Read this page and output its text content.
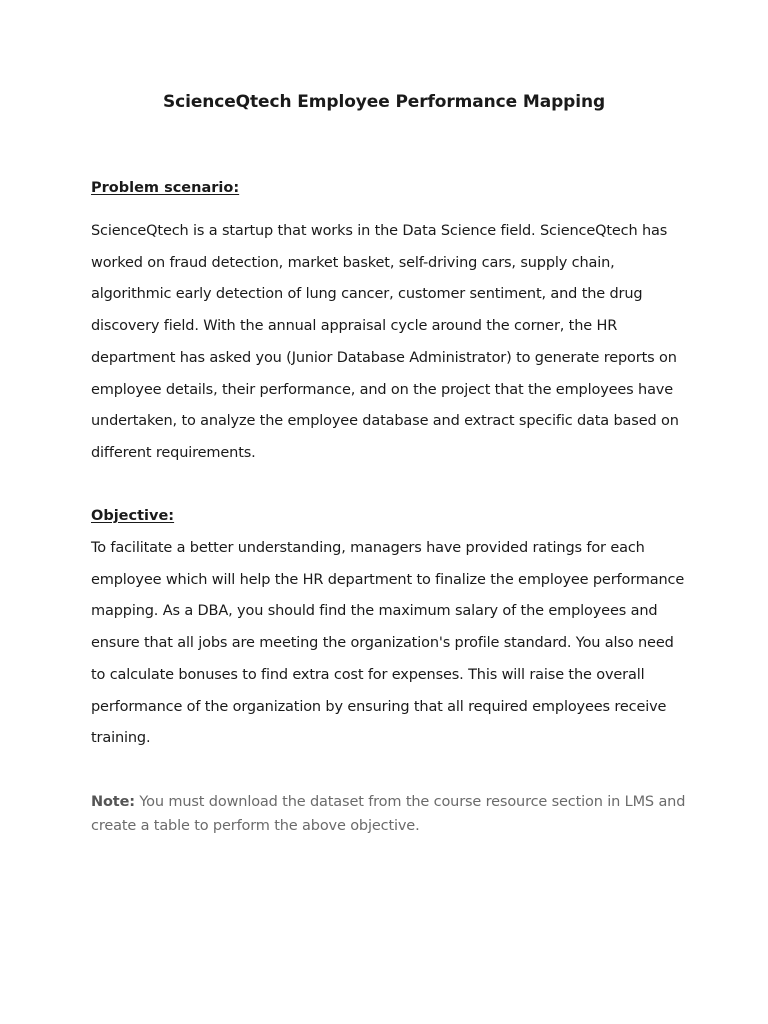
ScienceQtech Employee Performance Mapping
Problem scenario:
ScienceQtech is a startup that works in the Data Science field. ScienceQtech has
worked on fraud detection, market basket, self-driving cars, supply chain,
algorithmic early detection of lung cancer, customer sentiment, and the drug
discovery field. With the annual appraisal cycle around the corner, the HR
department has asked you (Junior Database Administrator) to generate reports on
employee details, their performance, and on the project that the employees have
undertaken, to analyze the employee database and extract specific data based on
different requirements.
Objective:
To facilitate a better understanding, managers have provided ratings for each
employee which will help the HR department to finalize the employee performance
mapping. As a DBA, you should find the maximum salary of the employees and
ensure that all jobs are meeting the organization's profile standard. You also need
to calculate bonuses to find extra cost for expenses. This will raise the overall
performance of the organization by ensuring that all required employees receive
training.
Note: You must download the dataset from the course resource section in LMS and
create a table to perform the above objective.
